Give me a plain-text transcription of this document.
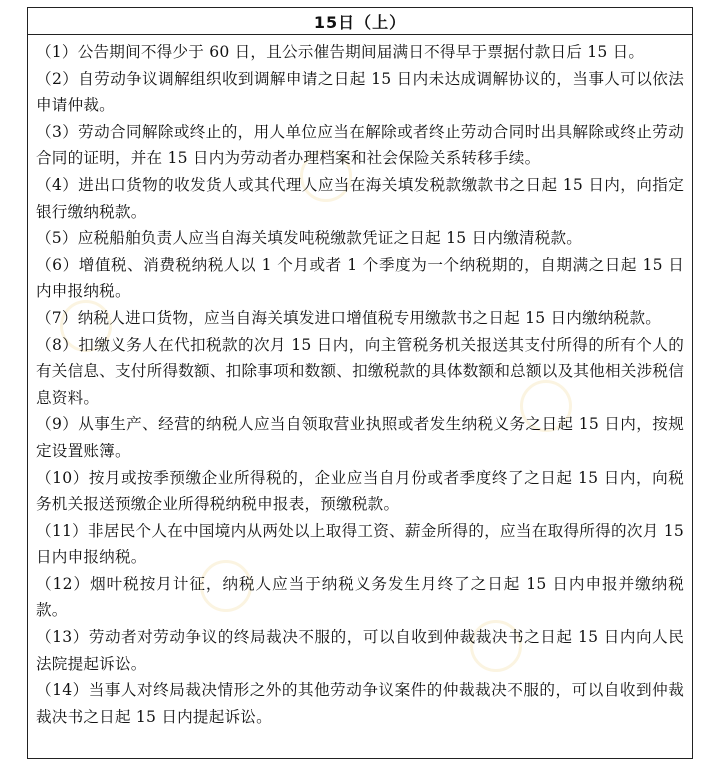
15日（上）

（1）公告期间不得少于 60 日，且公示催告期间届满日不得早于票据付款日后 15 日。

（2）自劳动争议调解组织收到调解申请之日起 15 日内未达成调解协议的，当事人可以依法申请仲裁。

（3）劳动合同解除或终止的，用人单位应当在解除或者终止劳动合同时出具解除或终止劳动合同的证明，并在 15 日内为劳动者办理档案和社会保险关系转移手续。

（4）进出口货物的收发货人或其代理人应当在海关填发税款缴款书之日起 15 日内，向指定银行缴纳税款。

（5）应税船舶负责人应当自海关填发吨税缴款凭证之日起 15 日内缴清税款。

（6）增值税、消费税纳税人以 1 个月或者 1 个季度为一个纳税期的，自期满之日起 15 日内申报纳税。

（7）纳税人进口货物，应当自海关填发进口增值税专用缴款书之日起 15 日内缴纳税款。

（8）扣缴义务人在代扣税款的次月 15 日内，向主管税务机关报送其支付所得的所有个人的有关信息、支付所得数额、扣除事项和数额、扣缴税款的具体数额和总额以及其他相关涉税信息资料。

（9）从事生产、经营的纳税人应当自领取营业执照或者发生纳税义务之日起 15 日内，按规定设置账簿。

（10）按月或按季预缴企业所得税的，企业应当自月份或者季度终了之日起 15 日内，向税务机关报送预缴企业所得税纳税申报表，预缴税款。

（11）非居民个人在中国境内从两处以上取得工资、薪金所得的，应当在取得所得的次月 15 日内申报纳税。

（12）烟叶税按月计征，纳税人应当于纳税义务发生月终了之日起 15 日内申报并缴纳税款。

（13）劳动者对劳动争议的终局裁决不服的，可以自收到仲裁裁决书之日起 15 日内向人民法院提起诉讼。

（14）当事人对终局裁决情形之外的其他劳动争议案件的仲裁裁决不服的，可以自收到仲裁裁决书之日起 15 日内提起诉讼。
